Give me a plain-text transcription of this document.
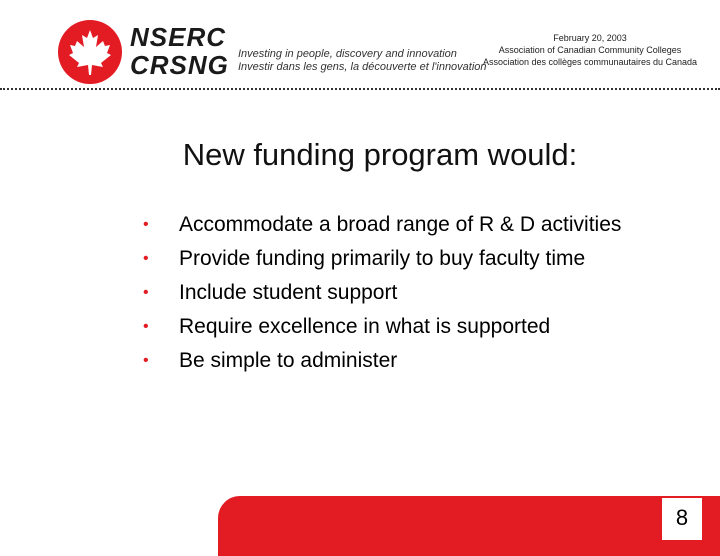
NSERC
CRSNG Investing in people, discovery and innovation
Investir dans les gens, la découverte et l'innovation
February 20, 2003
Association of Canadian Community Colleges
Association des collèges communautaires du Canada
New funding program would:
• Accommodate a broad range of R & D activities
• Provide funding primarily to buy faculty time
• Include student support
• Require excellence in what is supported
• Be simple to administer
8
